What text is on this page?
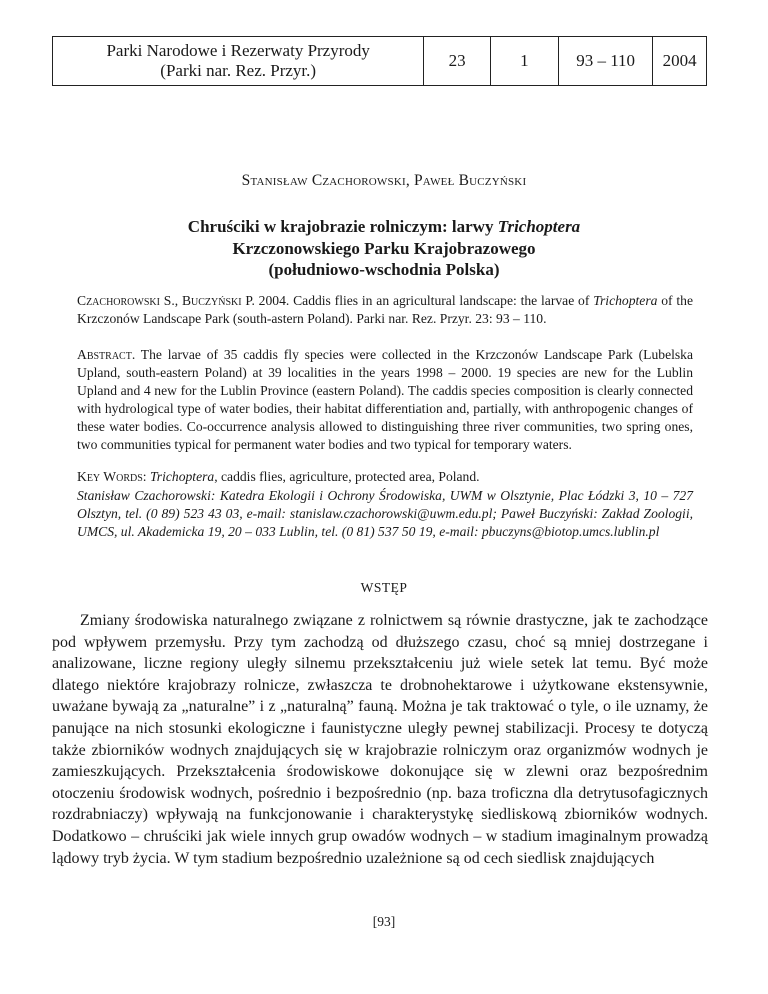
Parki Narodowe i Rezerwaty Przyrody
(Parki nar. Rez. Przyr.)
	23	1	93 – 110	2004
Stanisław Czachorowski, Paweł Buczyński
Chruściki w krajobrazie rolniczym: larwy Trichoptera
Krzczonowskiego Parku Krajobrazowego
(południowo-wschodnia Polska)
Czachorowski S., Buczyński P. 2004. Caddis flies in an agricultural landscape: the larvae of Trichoptera of the Krzczonów Landscape Park (south-astern Poland). Parki nar. Rez. Przyr. 23: 93 – 110.
Abstract. The larvae of 35 caddis fly species were collected in the Krzczonów Landscape Park (Lubelska Upland, south-eastern Poland) at 39 localities in the years 1998 – 2000. 19 species are new for the Lublin Upland and 4 new for the Lublin Province (eastern Poland). The caddis species composition is clearly connected with hydrological type of water bodies, their habitat differentiation and, partially, with anthropogenic changes of these water bodies. Co-occurrence analysis allowed to distinguishing three river communities, two spring ones, two communities typical for permanent water bodies and two typical for temporary waters.
Key Words: Trichoptera, caddis flies, agriculture, protected area, Poland.
Stanisław Czachorowski: Katedra Ekologii i Ochrony Środowiska, UWM w Olsztynie, Plac Łódzki 3, 10 – 727 Olsztyn, tel. (0 89) 523 43 03, e-mail: stanislaw.czachorowski@uwm.edu.pl; Paweł Buczyński: Zakład Zoologii, UMCS, ul. Akademicka 19, 20 – 033 Lublin, tel. (0 81) 537 50 19, e-mail: pbuczyns@biotop.umcs.lublin.pl
WSTĘP
Zmiany środowiska naturalnego związane z rolnictwem są równie drastyczne, jak te zachodzące pod wpływem przemysłu. Przy tym zachodzą od dłuższego czasu, choć są mniej dostrzegane i analizowane, liczne regiony uległy silnemu przekształceniu już wiele setek lat temu. Być może dlatego niektóre krajobrazy rolnicze, zwłaszcza te drobnohektarowe i użytkowane ekstensywnie, uważane bywają za „naturalne” i z „naturalną” fauną. Można je tak traktować o tyle, o ile uznamy, że panujące na nich stosunki ekologiczne i faunistyczne uległy pewnej stabilizacji. Procesy te dotyczą także zbiorników wodnych znajdujących się w krajobrazie rolniczym oraz organizmów wodnych je zamieszkujących. Przekształcenia środowiskowe dokonujące się w zlewni oraz bezpośrednim otoczeniu środowisk wodnych, pośrednio i bezpośrednio (np. baza troficzna dla detrytusofagicznych rozdrabniaczy) wpływają na funkcjonowanie i charakterystykę siedliskową zbiorników wodnych. Dodatkowo – chruściki jak wiele innych grup owadów wodnych – w stadium imaginalnym prowadzą lądowy tryb życia. W tym stadium bezpośrednio uzależnione są od cech siedlisk znajdujących
[93]
